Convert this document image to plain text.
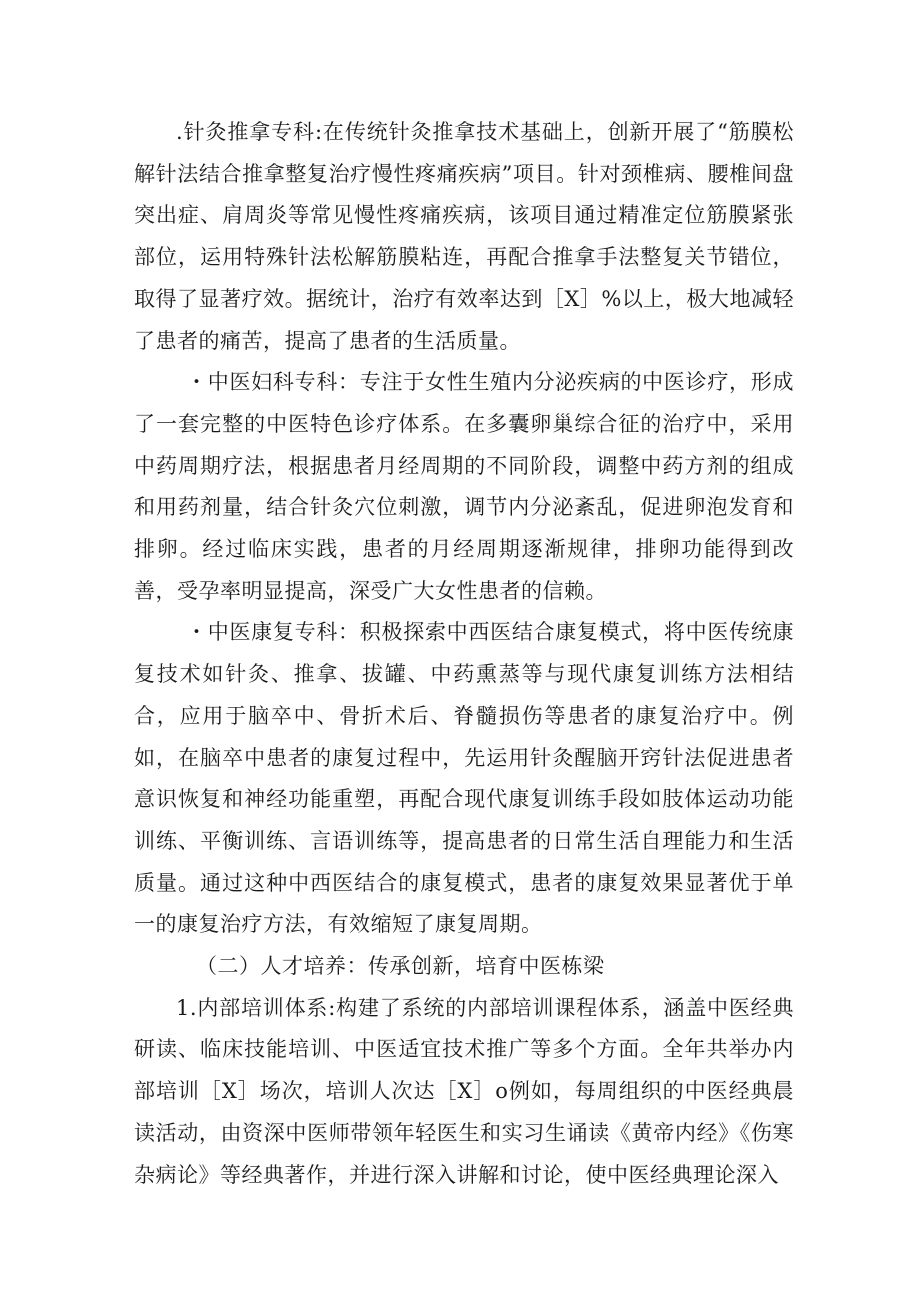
.针灸推拿专科:在传统针灸推拿技术基础上，创新开展了“筋膜松解针法结合推拿整复治疗慢性疼痛疾病”项目。针对颈椎病、腰椎间盘突出症、肩周炎等常见慢性疼痛疾病，该项目通过精准定位筋膜紧张部位，运用特殊针法松解筋膜粘连，再配合推拿手法整复关节错位，取得了显著疗效。据统计，治疗有效率达到［X］%以上，极大地减轻了患者的痛苦，提高了患者的生活质量。

・中医妇科专科：专注于女性生殖内分泌疾病的中医诊疗，形成了一套完整的中医特色诊疗体系。在多囊卵巢综合征的治疗中，采用中药周期疗法，根据患者月经周期的不同阶段，调整中药方剂的组成和用药剂量，结合针灸穴位刺激，调节内分泌紊乱，促进卵泡发育和排卵。经过临床实践，患者的月经周期逐渐规律，排卵功能得到改善，受孕率明显提高，深受广大女性患者的信赖。

・中医康复专科：积极探索中西医结合康复模式，将中医传统康复技术如针灸、推拿、拔罐、中药熏蒸等与现代康复训练方法相结合，应用于脑卒中、骨折术后、脊髓损伤等患者的康复治疗中。例如，在脑卒中患者的康复过程中，先运用针灸醒脑开窍针法促进患者意识恢复和神经功能重塑，再配合现代康复训练手段如肢体运动功能训练、平衡训练、言语训练等，提高患者的日常生活自理能力和生活质量。通过这种中西医结合的康复模式，患者的康复效果显著优于单一的康复治疗方法，有效缩短了康复周期。

（二）人才培养：传承创新，培育中医栋梁

1.内部培训体系:构建了系统的内部培训课程体系，涵盖中医经典研读、临床技能培训、中医适宜技术推广等多个方面。全年共举办内部培训［X］场次，培训人次达［X］o例如，每周组织的中医经典晨读活动，由资深中医师带领年轻医生和实习生诵读《黄帝内经》《伤寒杂病论》等经典著作，并进行深入讲解和讨论，使中医经典理论深入
